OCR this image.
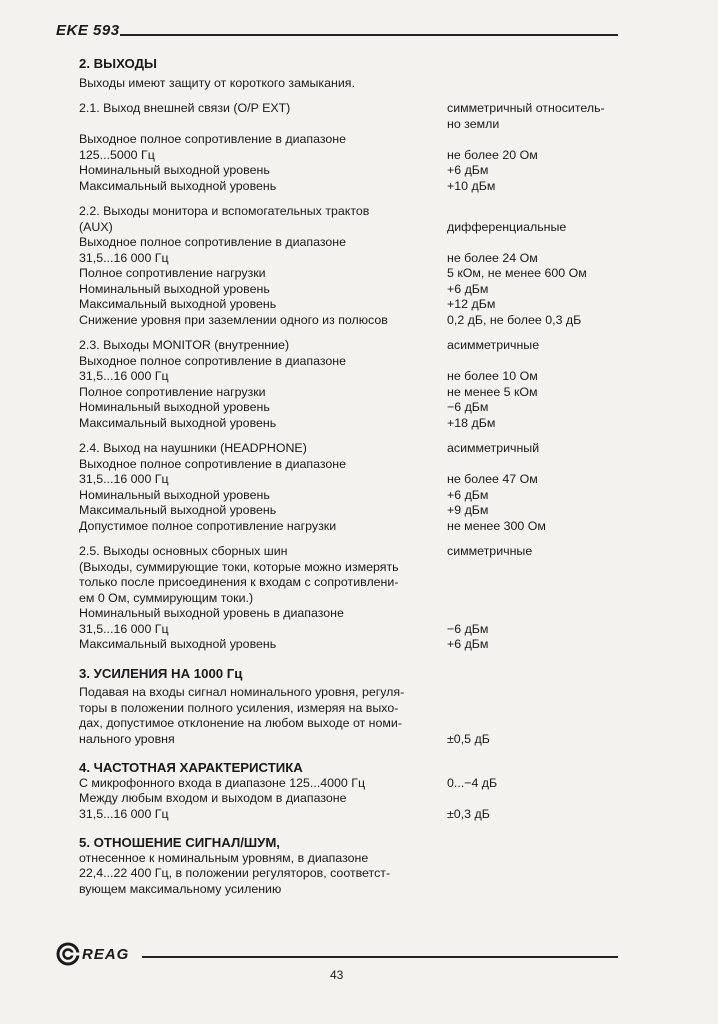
EKE 593
2. ВЫХОДЫ
Выходы имеют защиту от короткого замыкания.
2.1. Выход внешней связи (O/P EXT)	симметричный относитель-
но земли
Выходное полное сопротивление в диапазоне
125...5000 Гц	не более 20 Ом
Номинальный выходной уровень	+6 дБм
Максимальный выходной уровень	+10 дБм
2.2. Выходы монитора и вспомогательных трактов
(AUX)	дифференциальные
Выходное полное сопротивление в диапазоне
31,5...16 000 Гц	не более 24 Ом
Полное сопротивление нагрузки	5 кОм, не менее 600 Ом
Номинальный выходной уровень	+6 дБм
Максимальный выходной уровень	+12 дБм
Снижение уровня при заземлении одного из полюсов	0,2 дБ, не более 0,3 дБ
2.3. Выходы MONITOR (внутренние)	асимметричные
Выходное полное сопротивление в диапазоне
31,5...16 000 Гц	не более 10 Ом
Полное сопротивление нагрузки	не менее 5 кОм
Номинальный выходной уровень	−6 дБм
Максимальный выходной уровень	+18 дБм
2.4. Выход на наушники (HEADPHONE)	асимметричный
Выходное полное сопротивление в диапазоне
31,5...16 000 Гц	не более 47 Ом
Номинальный выходной уровень	+6 дБм
Максимальный выходной уровень	+9 дБм
Допустимое полное сопротивление нагрузки	не менее 300 Ом
2.5. Выходы основных сборных шин	симметричные
(Выходы, суммирующие токи, которые можно измерять
только после присоединения к входам с сопротивлени-
ем 0 Ом, суммирующим токи.)
Номинальный выходной уровень в диапазоне
31,5...16 000 Гц	−6 дБм
Максимальный выходной уровень	+6 дБм
3. УСИЛЕНИЯ НА 1000 Гц
Подавая на входы сигнал номинального уровня, регуля-
торы в положении полного усиления, измеряя на выхо-
дах, допустимое отклонение на любом выходе от номи-
нального уровня	±0,5 дБ
4. ЧАСТОТНАЯ ХАРАКТЕРИСТИКА
С микрофонного входа в диапазоне 125...4000 Гц	0...−4 дБ
Между любым входом и выходом в диапазоне
31,5...16 000 Гц	±0,3 дБ
5. ОТНОШЕНИЕ СИГНАЛ/ШУМ,
отнесенное к номинальным уровням, в диапазоне
22,4...22 400 Гц, в положении регуляторов, соответст-
вующем максимальному усилению
REAG
43
